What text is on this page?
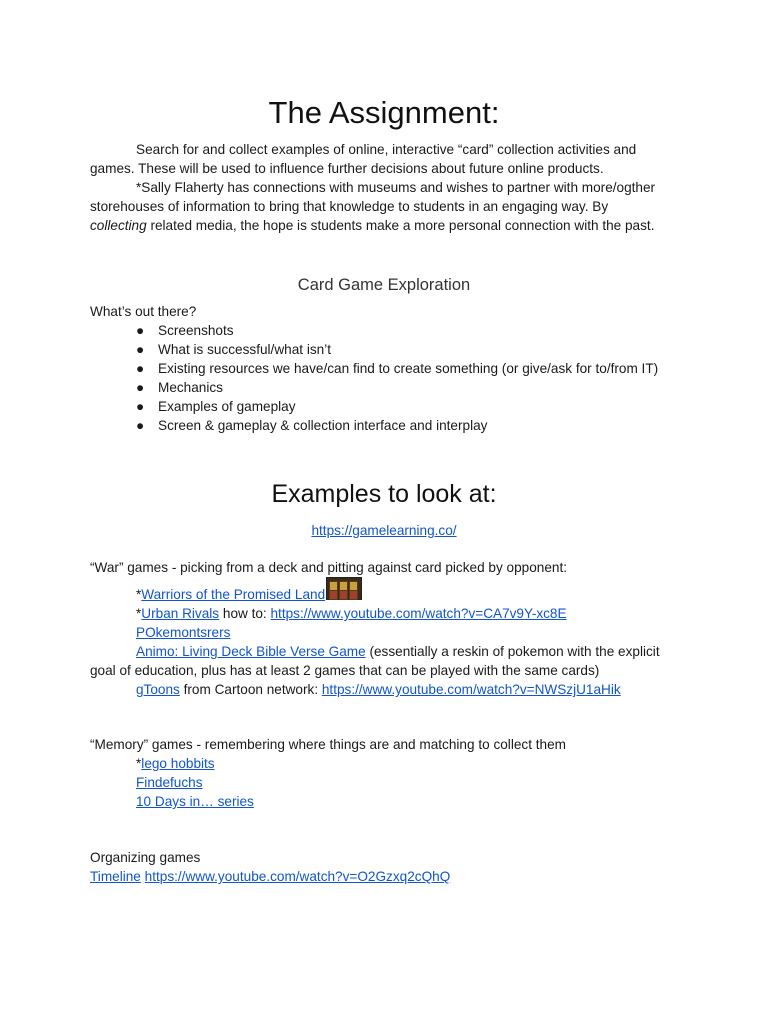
The Assignment:
Search for and collect examples of online, interactive “card” collection activities and
games. These will be used to influence further decisions about future online products.
*Sally Flaherty has connections with museums and wishes to partner with more/ogther
storehouses of information to bring that knowledge to students in an engaging way. By
collecting related media, the hope is students make a more personal connection with the past.
Card Game Exploration
What’s out there?
● Screenshots
● What is successful/what isn’t
● Existing resources we have/can find to create something (or give/ask for to/from IT)
● Mechanics
● Examples of gameplay
● Screen & gameplay & collection interface and interplay
Examples to look at:
https://gamelearning.co/
“War” games - picking from a deck and pitting against card picked by opponent:
*Warriors of the Promised Land
*Urban Rivals how to: https://www.youtube.com/watch?v=CA7v9Y-xc8E
POkemontsrers
Animo: Living Deck Bible Verse Game (essentially a reskin of pokemon with the explicit
goal of education, plus has at least 2 games that can be played with the same cards)
gToons from Cartoon network: https://www.youtube.com/watch?v=NWSzjU1aHik
“Memory” games - remembering where things are and matching to collect them
*lego hobbits
Findefuchs
10 Days in… series
Organizing games
Timeline https://www.youtube.com/watch?v=O2Gzxq2cQhQ
